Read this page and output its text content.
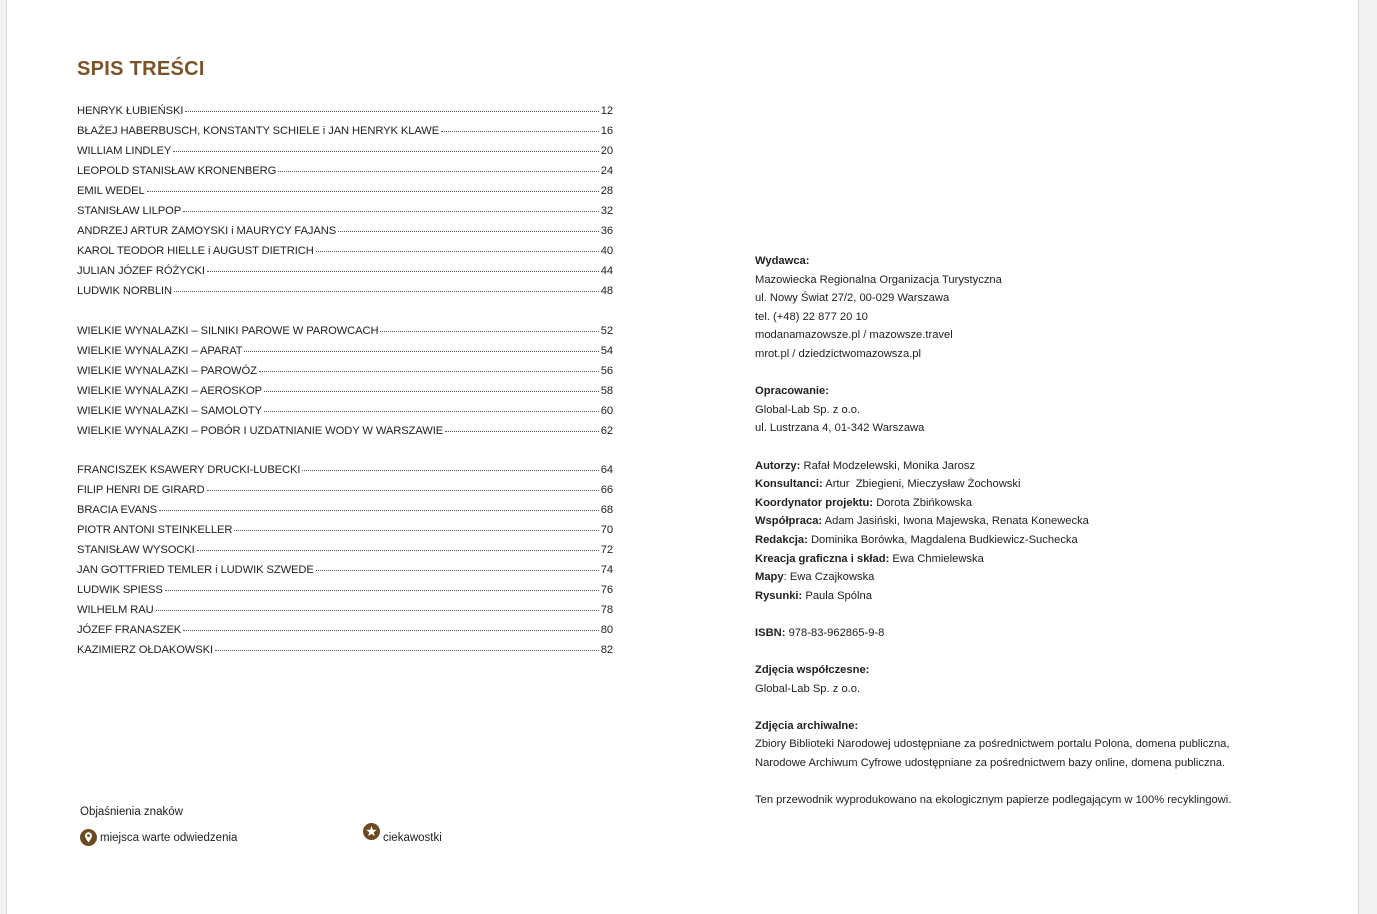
SPIS TREŚCI
HENRYK ŁUBIEŃSKI	12
BŁAŻEJ HABERBUSCH, KONSTANTY SCHIELE i JAN HENRYK KLAWE	16
WILLIAM LINDLEY	20
LEOPOLD STANISŁAW KRONENBERG	24
EMIL WEDEL	28
STANISŁAW LILPOP	32
ANDRZEJ ARTUR ZAMOYSKI i MAURYCY FAJANS	36
KAROL TEODOR HIELLE i AUGUST DIETRICH	40
JULIAN JÓZEF RÓŻYCKI	44
LUDWIK NORBLIN	48
WIELKIE WYNALAZKI – SILNIKI PAROWE W PAROWCACH	52
WIELKIE WYNALAZKI – APARAT	54
WIELKIE WYNALAZKI – PAROWÓZ	56
WIELKIE WYNALAZKI – AEROSKOP	58
WIELKIE WYNALAZKI – SAMOLOTY	60
WIELKIE WYNALAZKI – POBÓR I UZDATNIANIE WODY W WARSZAWIE	62
FRANCISZEK KSAWERY DRUCKI-LUBECKI	64
FILIP HENRI DE GIRARD	66
BRACIA EVANS	68
PIOTR ANTONI STEINKELLER	70
STANISŁAW WYSOCKI	72
JAN GOTTFRIED TEMLER i LUDWIK SZWEDE	74
LUDWIK SPIESS	76
WILHELM RAU	78
JÓZEF FRANASZEK	80
KAZIMIERZ OŁDAKOWSKI	82
Objaśnienia znaków
miejsca warte odwiedzenia	ciekawostki
Wydawca:
Mazowiecka Regionalna Organizacja Turystyczna
ul. Nowy Świat 27/2, 00-029 Warszawa
tel. (+48) 22 877 20 10
modanamazowsze.pl / mazowsze.travel
mrot.pl / dziedzictwomazowsza.pl
Opracowanie:
Global-Lab Sp. z o.o.
ul. Lustrzana 4, 01-342 Warszawa
Autorzy: Rafał Modzelewski, Monika Jarosz
Konsultanci: Artur  Zbiegieni, Mieczysław Żochowski
Koordynator projektu: Dorota Zbińkowska
Współpraca: Adam Jasiński, Iwona Majewska, Renata Konewecka
Redakcja: Dominika Borówka, Magdalena Budkiewicz-Suchecka
Kreacja graficzna i skład: Ewa Chmielewska
Mapy: Ewa Czajkowska
Rysunki: Paula Spólna
ISBN: 978-83-962865-9-8
Zdjęcia współczesne:
Global-Lab Sp. z o.o.
Zdjęcia archiwalne:
Zbiory Biblioteki Narodowej udostępniane za pośrednictwem portalu Polona, domena publiczna,
Narodowe Archiwum Cyfrowe udostępniane za pośrednictwem bazy online, domena publiczna.
Ten przewodnik wyprodukowano na ekologicznym papierze podlegającym w 100% recyklingowi.
